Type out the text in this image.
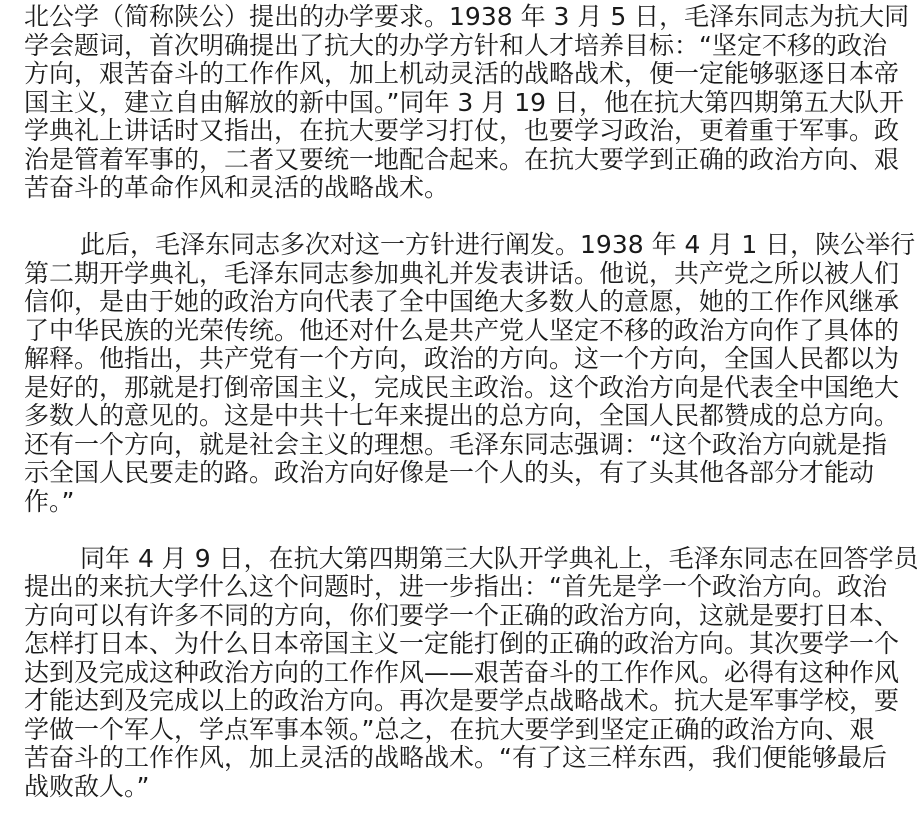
北公学（简称陕公）提出的办学要求。1938 年 3 月 5 日，毛泽东同志为抗大同
学会题词，首次明确提出了抗大的办学方针和人才培养目标：“坚定不移的政治
方向，艰苦奋斗的工作作风，加上机动灵活的战略战术，便一定能够驱逐日本帝
国主义，建立自由解放的新中国。”同年 3 月 19 日，他在抗大第四期第五大队开
学典礼上讲话时又指出，在抗大要学习打仗，也要学习政治，更着重于军事。政
治是管着军事的，二者又要统一地配合起来。在抗大要学到正确的政治方向、艰
苦奋斗的革命作风和灵活的战略战术。
此后，毛泽东同志多次对这一方针进行阐发。1938 年 4 月 1 日，陕公举行
第二期开学典礼，毛泽东同志参加典礼并发表讲话。他说，共产党之所以被人们
信仰，是由于她的政治方向代表了全中国绝大多数人的意愿，她的工作作风继承
了中华民族的光荣传统。他还对什么是共产党人坚定不移的政治方向作了具体的
解释。他指出，共产党有一个方向，政治的方向。这一个方向，全国人民都以为
是好的，那就是打倒帝国主义，完成民主政治。这个政治方向是代表全中国绝大
多数人的意见的。这是中共十七年来提出的总方向，全国人民都赞成的总方向。
还有一个方向，就是社会主义的理想。毛泽东同志强调：“这个政治方向就是指
示全国人民要走的路。政治方向好像是一个人的头，有了头其他各部分才能动
作。”
同年 4 月 9 日，在抗大第四期第三大队开学典礼上，毛泽东同志在回答学员
提出的来抗大学什么这个问题时，进一步指出：“首先是学一个政治方向。政治
方向可以有许多不同的方向，你们要学一个正确的政治方向，这就是要打日本、
怎样打日本、为什么日本帝国主义一定能打倒的正确的政治方向。其次要学一个
达到及完成这种政治方向的工作作风——艰苦奋斗的工作作风。必得有这种作风
才能达到及完成以上的政治方向。再次是要学点战略战术。抗大是军事学校，要
学做一个军人，学点军事本领。”总之，在抗大要学到坚定正确的政治方向、艰
苦奋斗的工作作风，加上灵活的战略战术。“有了这三样东西，我们便能够最后
战败敌人。”
